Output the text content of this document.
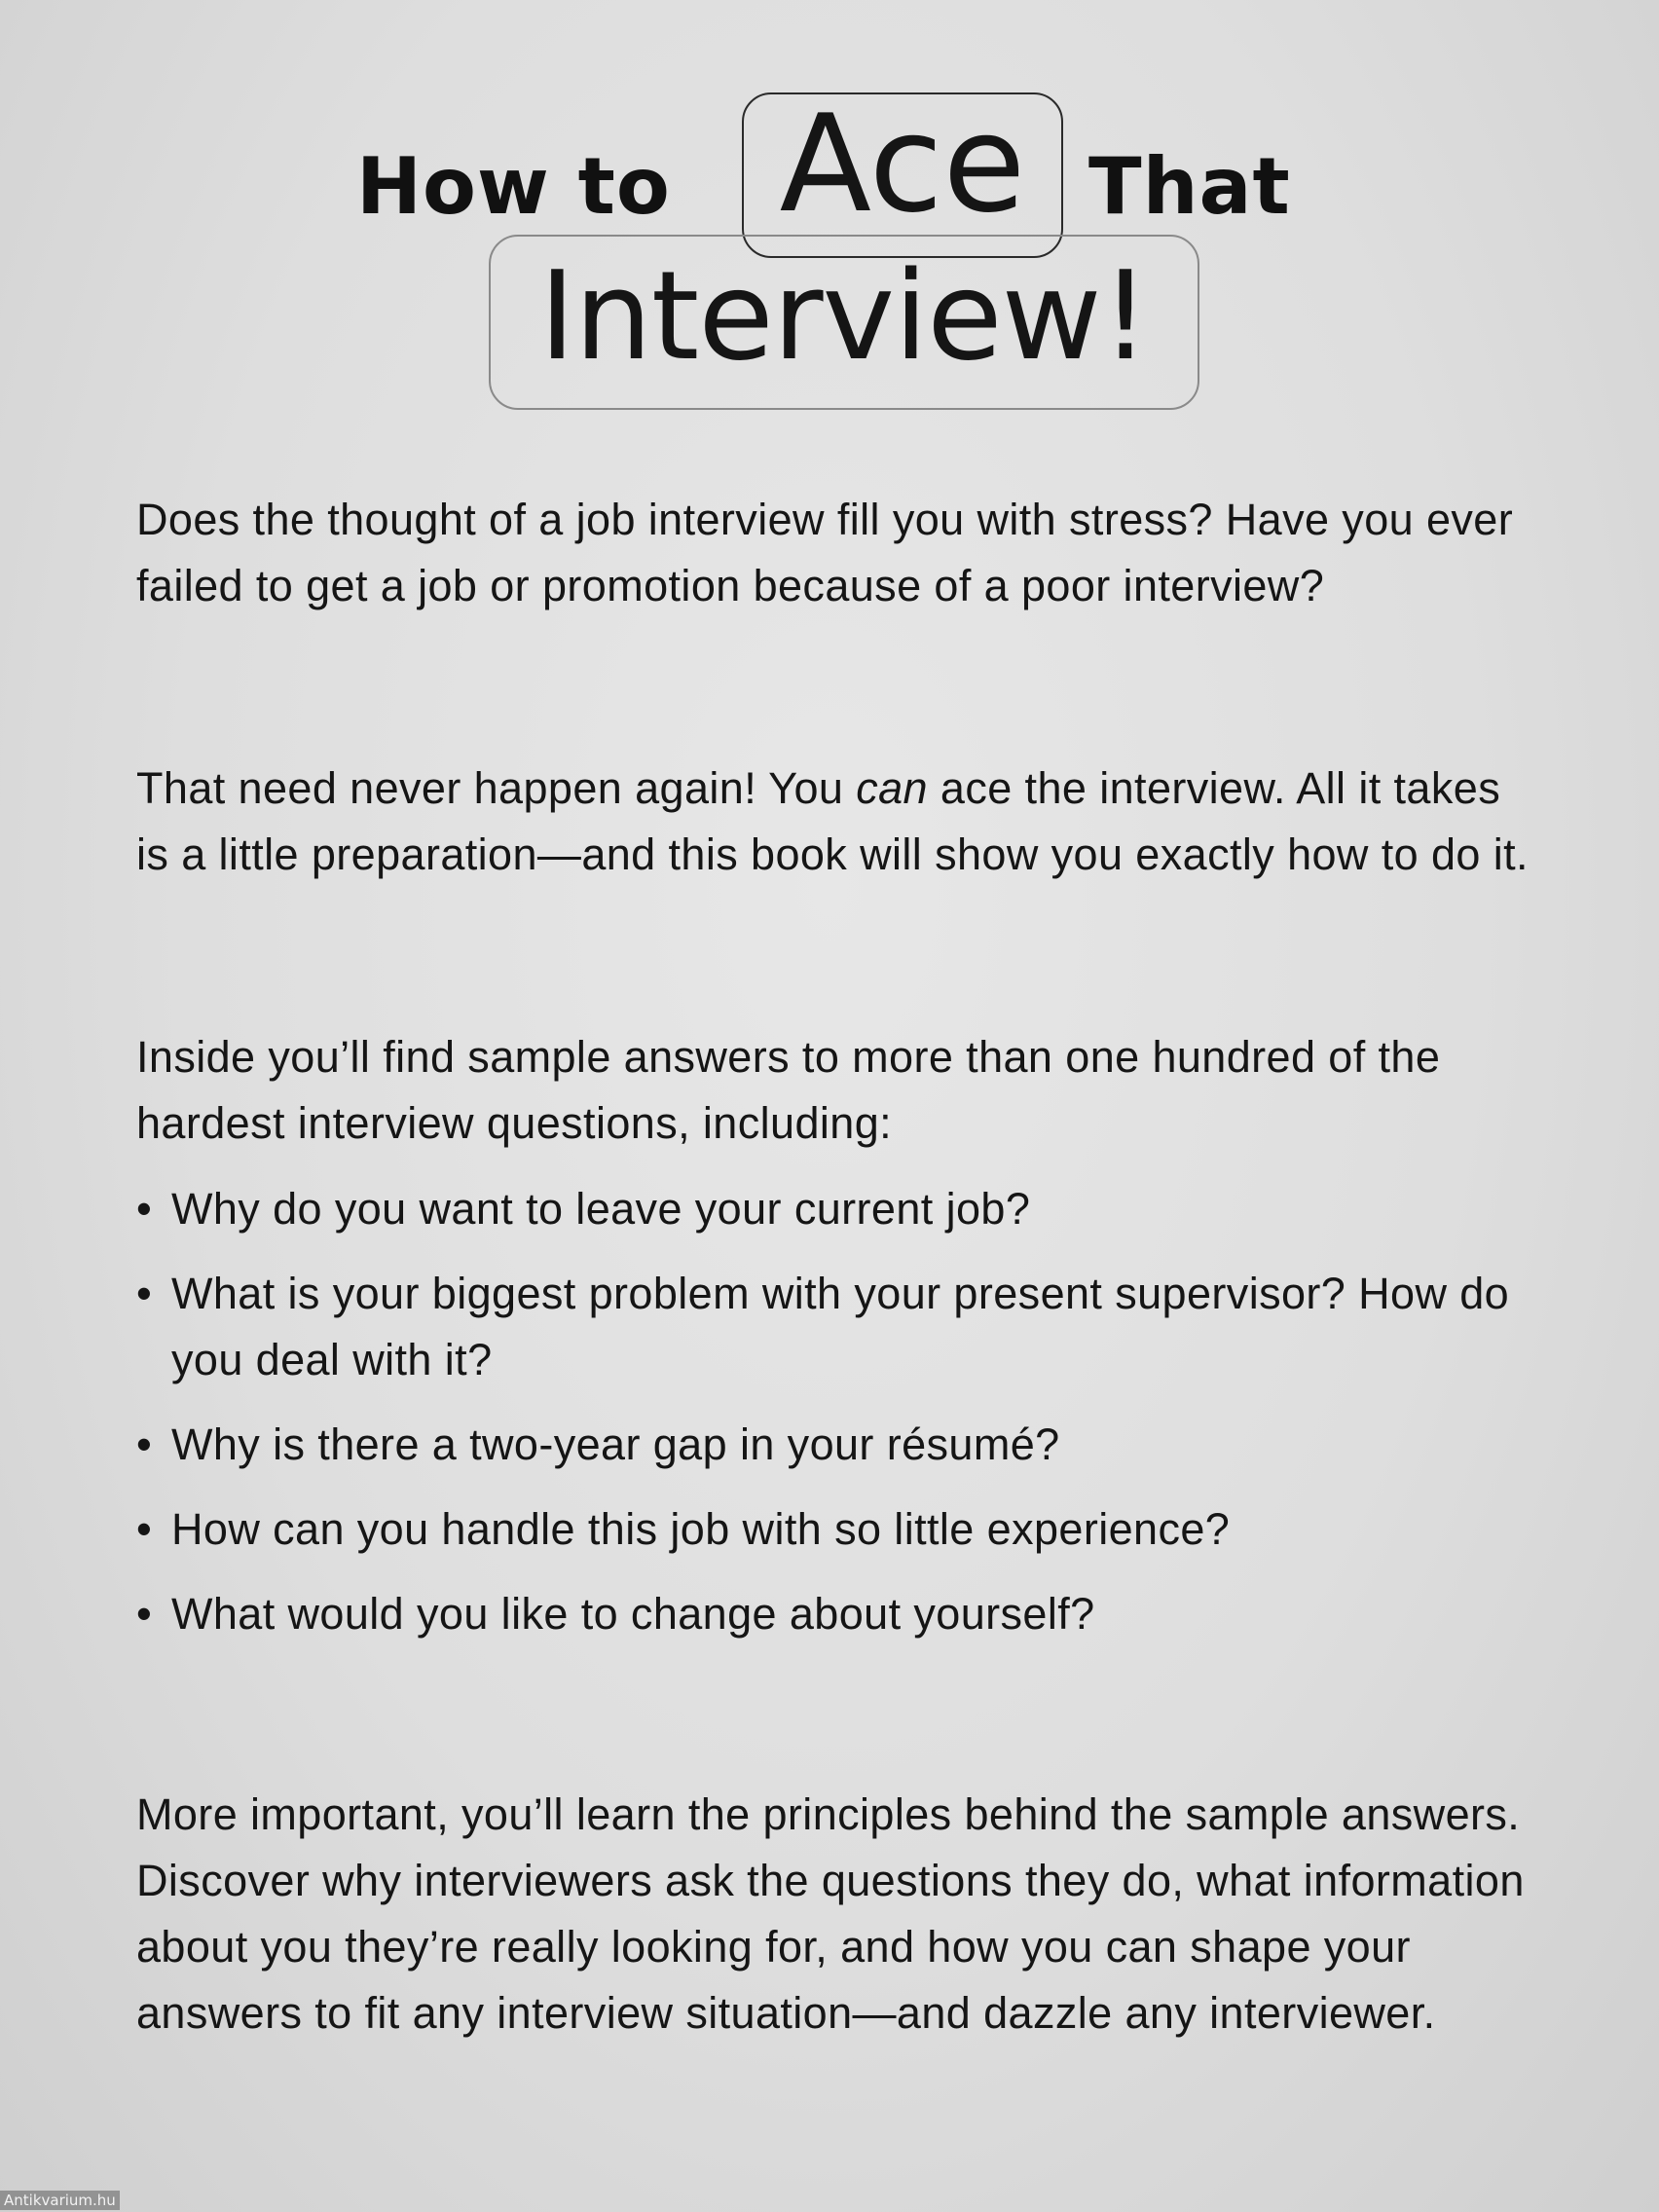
How to Ace That
Interview!

Does the thought of a job interview fill you with stress? Have you ever failed to get a job or promotion because of a poor interview?

That need never happen again! You can ace the interview. All it takes is a little preparation—and this book will show you exactly how to do it.

Inside you’ll find sample answers to more than one hundred of the hardest interview questions, including:

• Why do you want to leave your current job?
• What is your biggest problem with your present supervisor? How do you deal with it?
• Why is there a two-year gap in your résumé?
• How can you handle this job with so little experience?
• What would you like to change about yourself?

More important, you’ll learn the principles behind the sample answers. Discover why interviewers ask the questions they do, what information about you they’re really looking for, and how you can shape your answers to fit any interview situation—and dazzle any interviewer.

Antikvarium.hu
